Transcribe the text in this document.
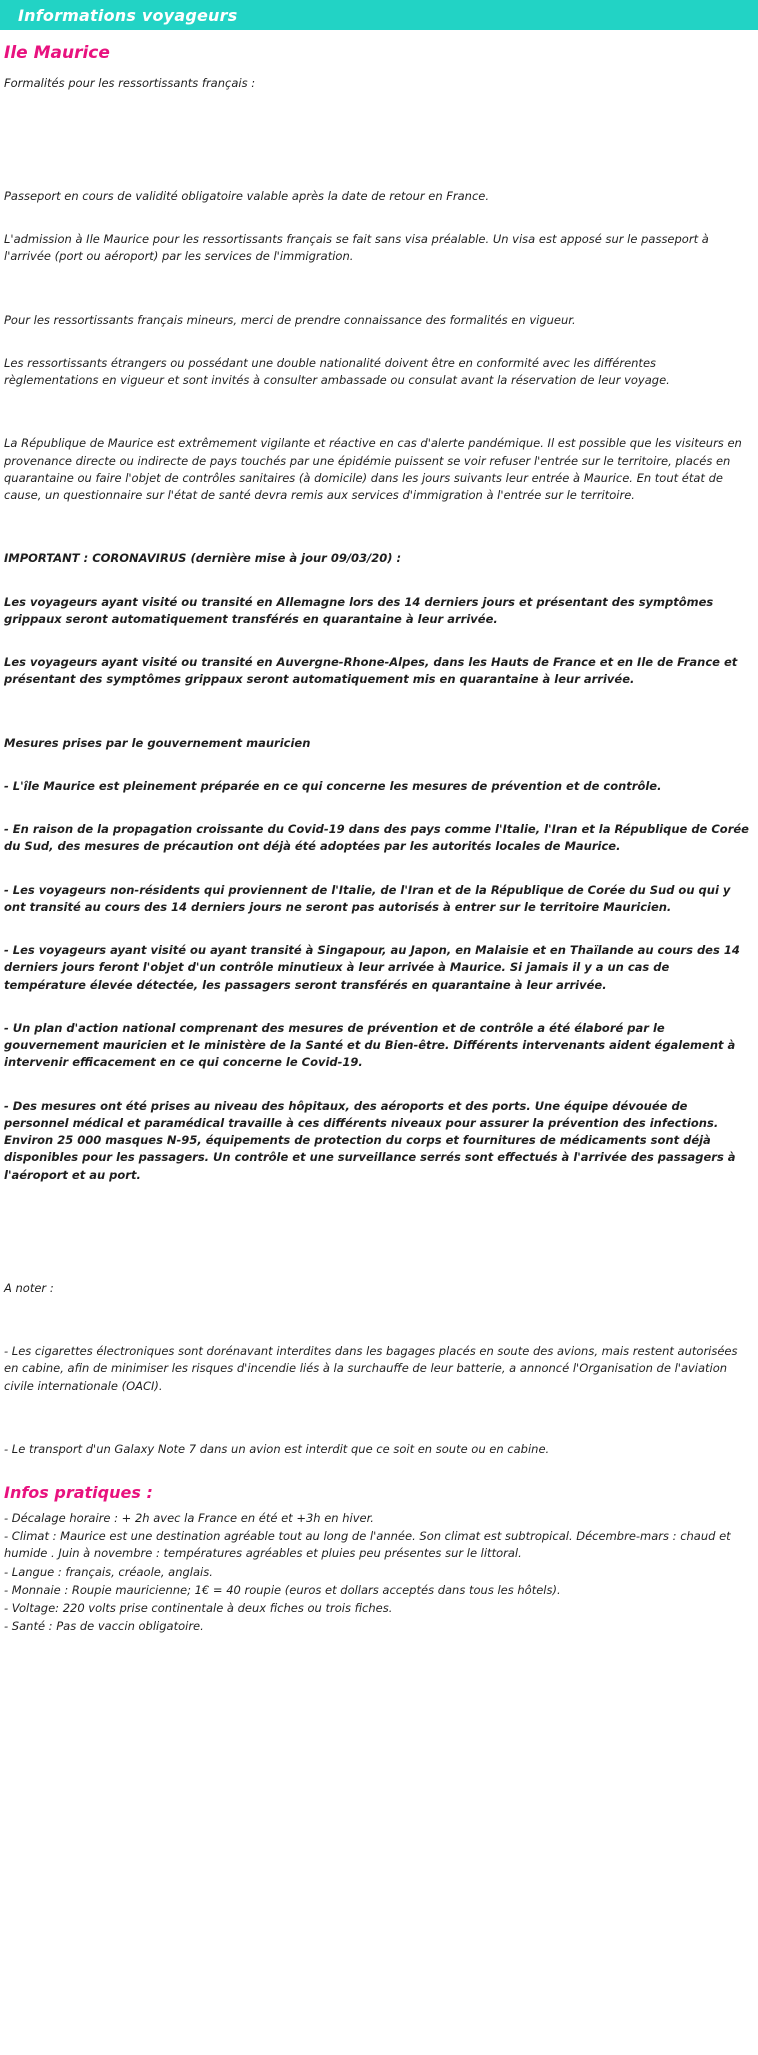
Informations voyageurs
Ile Maurice

Formalités pour les ressortissants français :

Passeport en cours de validité obligatoire valable après la date de retour en France.

L'admission à Ile Maurice pour les ressortissants français se fait sans visa préalable. Un visa est apposé sur le passeport à l'arrivée (port ou aéroport) par les services de l'immigration.

Pour les ressortissants français mineurs, merci de prendre connaissance des formalités en vigueur.

Les ressortissants étrangers ou possédant une double nationalité doivent être en conformité avec les différentes règlementations en vigueur et sont invités à consulter ambassade ou consulat avant la réservation de leur voyage.

La République de Maurice est extrêmement vigilante et réactive en cas d'alerte pandémique. Il est possible que les visiteurs en provenance directe ou indirecte de pays touchés par une épidémie puissent se voir refuser l'entrée sur le territoire, placés en quarantaine ou faire l'objet de contrôles sanitaires (à domicile) dans les jours suivants leur entrée à Maurice. En tout état de cause, un questionnaire sur l'état de santé devra remis aux services d'immigration à l'entrée sur le territoire.

IMPORTANT : CORONAVIRUS (dernière mise à jour 09/03/20) :

Les voyageurs ayant visité ou transité en Allemagne lors des 14 derniers jours et présentant des symptômes grippaux seront automatiquement transférés en quarantaine à leur arrivée.

Les voyageurs ayant visité ou transité en Auvergne-Rhone-Alpes, dans les Hauts de France et en Ile de France et présentant des symptômes grippaux seront automatiquement mis en quarantaine à leur arrivée.

Mesures prises par le gouvernement mauricien

- L'île Maurice est pleinement préparée en ce qui concerne les mesures de prévention et de contrôle.

- En raison de la propagation croissante du Covid-19 dans des pays comme l'Italie, l'Iran et la République de Corée du Sud, des mesures de précaution ont déjà été adoptées par les autorités locales de Maurice.

- Les voyageurs non-résidents qui proviennent de l'Italie, de l'Iran et de la République de Corée du Sud ou qui y ont transité au cours des 14 derniers jours ne seront pas autorisés à entrer sur le territoire Mauricien.

- Les voyageurs ayant visité ou ayant transité à Singapour, au Japon, en Malaisie et en Thaïlande au cours des 14 derniers jours feront l'objet d'un contrôle minutieux à leur arrivée à Maurice. Si jamais il y a un cas de température élevée détectée, les passagers seront transférés en quarantaine à leur arrivée.

- Un plan d'action national comprenant des mesures de prévention et de contrôle a été élaboré par le gouvernement mauricien et le ministère de la Santé et du Bien-être. Différents intervenants aident également à intervenir efficacement en ce qui concerne le Covid-19.

- Des mesures ont été prises au niveau des hôpitaux, des aéroports et des ports. Une équipe dévouée de personnel médical et paramédical travaille à ces différents niveaux pour assurer la prévention des infections. Environ 25 000 masques N-95, équipements de protection du corps et fournitures de médicaments sont déjà disponibles pour les passagers. Un contrôle et une surveillance serrés sont effectués à l'arrivée des passagers à l'aéroport et au port.

A noter :

- Les cigarettes électroniques sont dorénavant interdites dans les bagages placés en soute des avions, mais restent autorisées en cabine, afin de minimiser les risques d'incendie liés à la surchauffe de leur batterie, a annoncé l'Organisation de l'aviation civile internationale (OACI).

- Le transport d'un Galaxy Note 7 dans un avion est interdit que ce soit en soute ou en cabine.

Infos pratiques :

- Décalage horaire : + 2h avec la France en été et +3h en hiver.

- Climat : Maurice est une destination agréable tout au long de l'année. Son climat est subtropical. Décembre-mars : chaud et humide . Juin à novembre : températures agréables et pluies peu présentes sur le littoral.

- Langue : français, créaole, anglais.

- Monnaie : Roupie mauricienne; 1€ = 40 roupie (euros et dollars acceptés dans tous les hôtels).

- Voltage: 220 volts prise continentale à deux fiches ou trois fiches.

- Santé : Pas de vaccin obligatoire.
